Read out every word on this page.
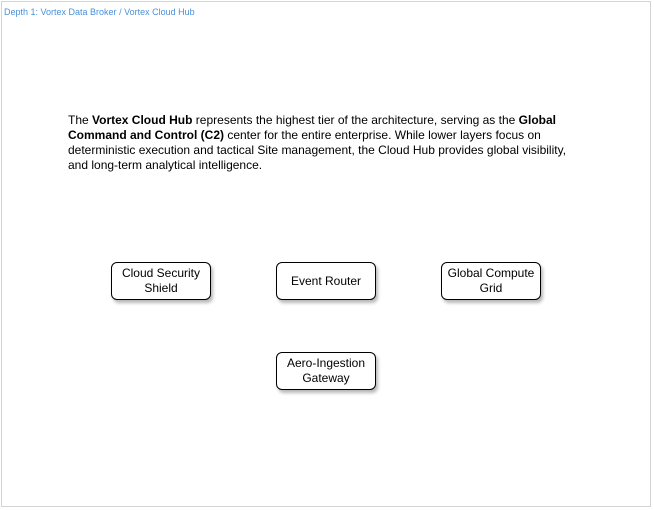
Depth 1: Vortex Data Broker / Vortex Cloud Hub
The Vortex Cloud Hub represents the highest tier of the architecture, serving as the Global Command and Control (C2) center for the entire enterprise. While lower layers focus on deterministic execution and tactical Site management, the Cloud Hub provides global visibility, and long-term analytical intelligence.
Cloud Security Shield
Event Router
Global Compute Grid
Aero-Ingestion Gateway
